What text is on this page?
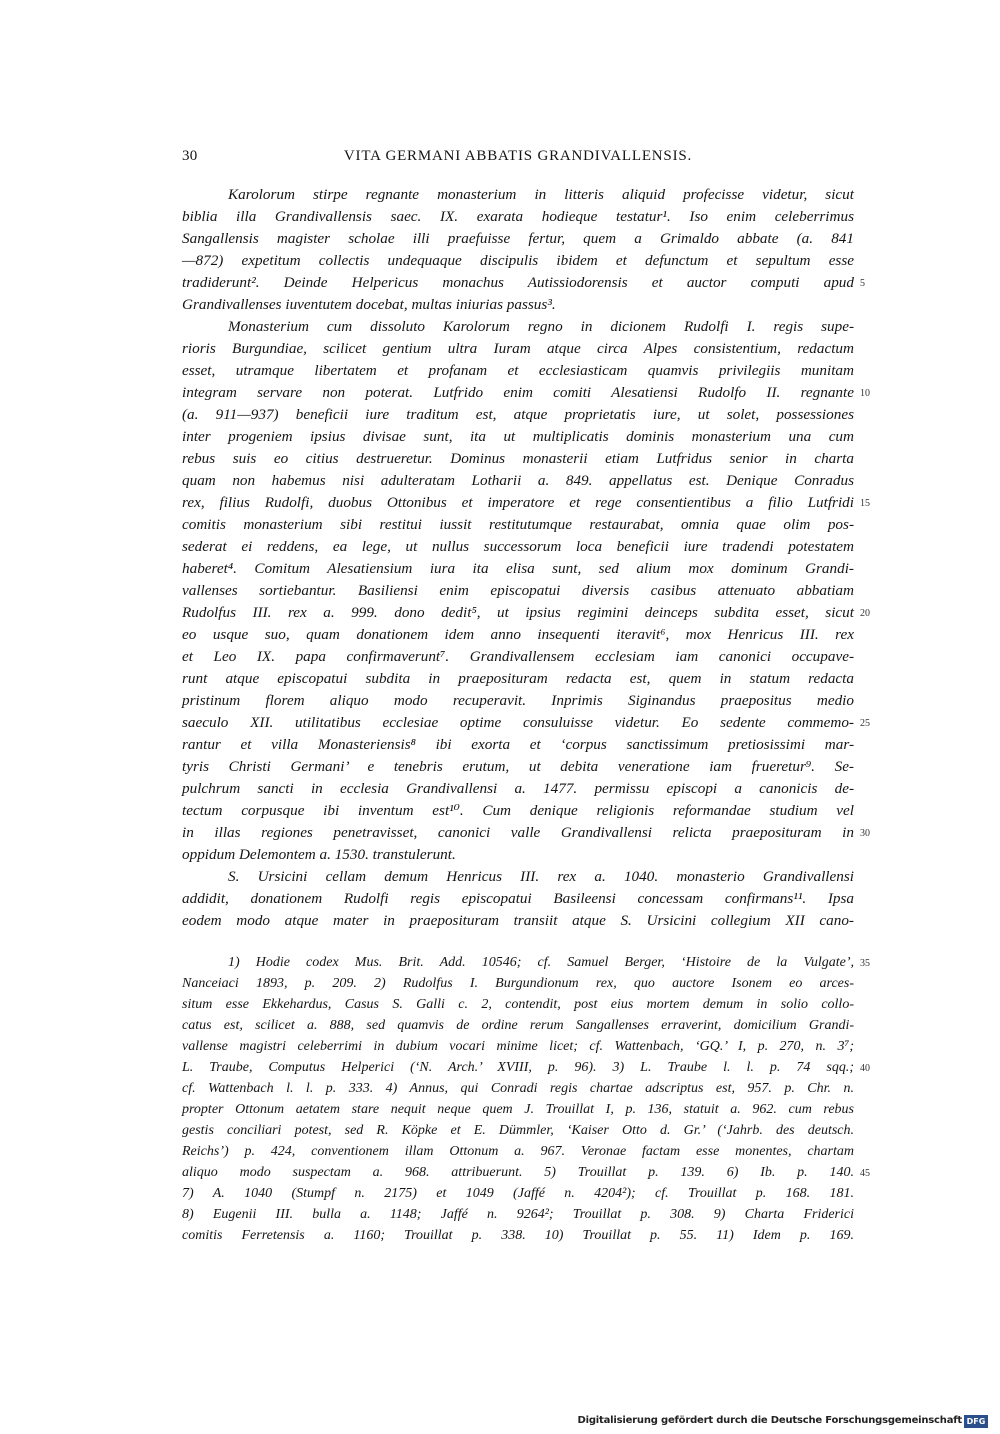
30	VITA GERMANI ABBATIS GRANDIVALLENSIS.
Karolorum stirpe regnante monasterium in litteris aliquid profecisse videtur, sicut
biblia illa Grandivallensis saec. IX. exarata hodieque testatur¹. Iso enim celeberrimus
Sangallensis magister scholae illi praefuisse fertur, quem a Grimaldo abbate (a. 841
—872) expetitum collectis undequaque discipulis ibidem et defunctum et sepultum esse
tradiderunt². Deinde Helpericus monachus Autissiodorensis et auctor computi apud
Grandivallenses iuventutem docebat, multas iniurias passus³.
Monasterium cum dissoluto Karolorum regno in dicionem Rudolfi I. regis supe-
rioris Burgundiae, scilicet gentium ultra Iuram atque circa Alpes consistentium, redactum
esset, utramque libertatem et profanam et ecclesiasticam quamvis privilegiis munitam
integram servare non poterat. Lutfrido enim comiti Alesatiensi Rudolfo II. regnante
(a. 911—937) beneficii iure traditum est, atque proprietatis iure, ut solet, possessiones
inter progeniem ipsius divisae sunt, ita ut multiplicatis dominis monasterium una cum
rebus suis eo citius destrueretur. Dominus monasterii etiam Lutfridus senior in charta
quam non habemus nisi adulteratam Lotharii a. 849. appellatus est. Denique Conradus
rex, filius Rudolfi, duobus Ottonibus et imperatore et rege consentientibus a filio Lutfridi
comitis monasterium sibi restitui iussit restitutumque restaurabat, omnia quae olim pos-
sederat ei reddens, ea lege, ut nullus successorum loca beneficii iure tradendi potestatem
haberet⁴. Comitum Alesatiensium iura ita elisa sunt, sed alium mox dominum Grandi-
vallenses sortiebantur. Basiliensi enim episcopatui diversis casibus attenuato abbatiam
Rudolfus III. rex a. 999. dono dedit⁵, ut ipsius regimini deinceps subdita esset, sicut
eo usque suo, quam donationem idem anno insequenti iteravit⁶, mox Henricus III. rex
et Leo IX. papa confirmaverunt⁷. Grandivallensem ecclesiam iam canonici occupave-
runt atque episcopatui subdita in praeposituram redacta est, quem in statum redacta
pristinum florem aliquo modo recuperavit. Inprimis Siginandus praepositus medio
saeculo XII. utilitatibus ecclesiae optime consuluisse videtur. Eo sedente commemo-
rantur et villa Monasteriensis⁸ ibi exorta et ‘corpus sanctissimum pretiosissimi mar-
tyris Christi Germani’ e tenebris erutum, ut debita veneratione iam frueretur⁹. Se-
pulchrum sancti in ecclesia Grandivallensi a. 1477. permissu episcopi a canonicis de-
tectum corpusque ibi inventum est¹⁰. Cum denique religionis reformandae studium vel
in illas regiones penetravisset, canonici valle Grandivallensi relicta praeposituram in
oppidum Delemontem a. 1530. transtulerunt.
S. Ursicini cellam demum Henricus III. rex a. 1040. monasterio Grandivallensi
addidit, donationem Rudolfi regis episcopatui Basileensi concessam confirmans¹¹. Ipsa
eodem modo atque mater in praeposituram transiit atque S. Ursicini collegium XII cano-
1) Hodie codex Mus. Brit. Add. 10546; cf. Samuel Berger, ‘Histoire de la Vulgate’,
Nanceiaci 1893, p. 209. 2) Rudolfus I. Burgundionum rex, quo auctore Isonem eo arces-
situm esse Ekkehardus, Casus S. Galli c. 2, contendit, post eius mortem demum in solio collo-
catus est, scilicet a. 888, sed quamvis de ordine rerum Sangallenses erraverint, domicilium Grandi-
vallense magistri celeberrimi in dubium vocari minime licet; cf. Wattenbach, ‘GQ.’ I, p. 270, n. 3⁷;
L. Traube, Computus Helperici (‘N. Arch.’ XVIII, p. 96). 3) L. Traube l. l. p. 74 sqq.;
cf. Wattenbach l. l. p. 333. 4) Annus, qui Conradi regis chartae adscriptus est, 957. p. Chr. n.
propter Ottonum aetatem stare nequit neque quem J. Trouillat I, p. 136, statuit a. 962. cum rebus
gestis conciliari potest, sed R. Köpke et E. Dümmler, ‘Kaiser Otto d. Gr.’ (‘Jahrb. des deutsch.
Reichs’) p. 424, conventionem illam Ottonum a. 967. Veronae factam esse monentes, chartam
aliquo modo suspectam a. 968. attribuerunt. 5) Trouillat p. 139. 6) Ib. p. 140.
7) A. 1040 (Stumpf n. 2175) et 1049 (Jaffé n. 4204²); cf. Trouillat p. 168. 181.
8) Eugenii III. bulla a. 1148; Jaffé n. 9264²; Trouillat p. 308. 9) Charta Friderici
comitis Ferretensis a. 1160; Trouillat p. 338. 10) Trouillat p. 55. 11) Idem p. 169.
5
10
15
20
25
30
35
40
45
Digitalisierung gefördert durch die Deutsche Forschungsgemeinschaft DFG
